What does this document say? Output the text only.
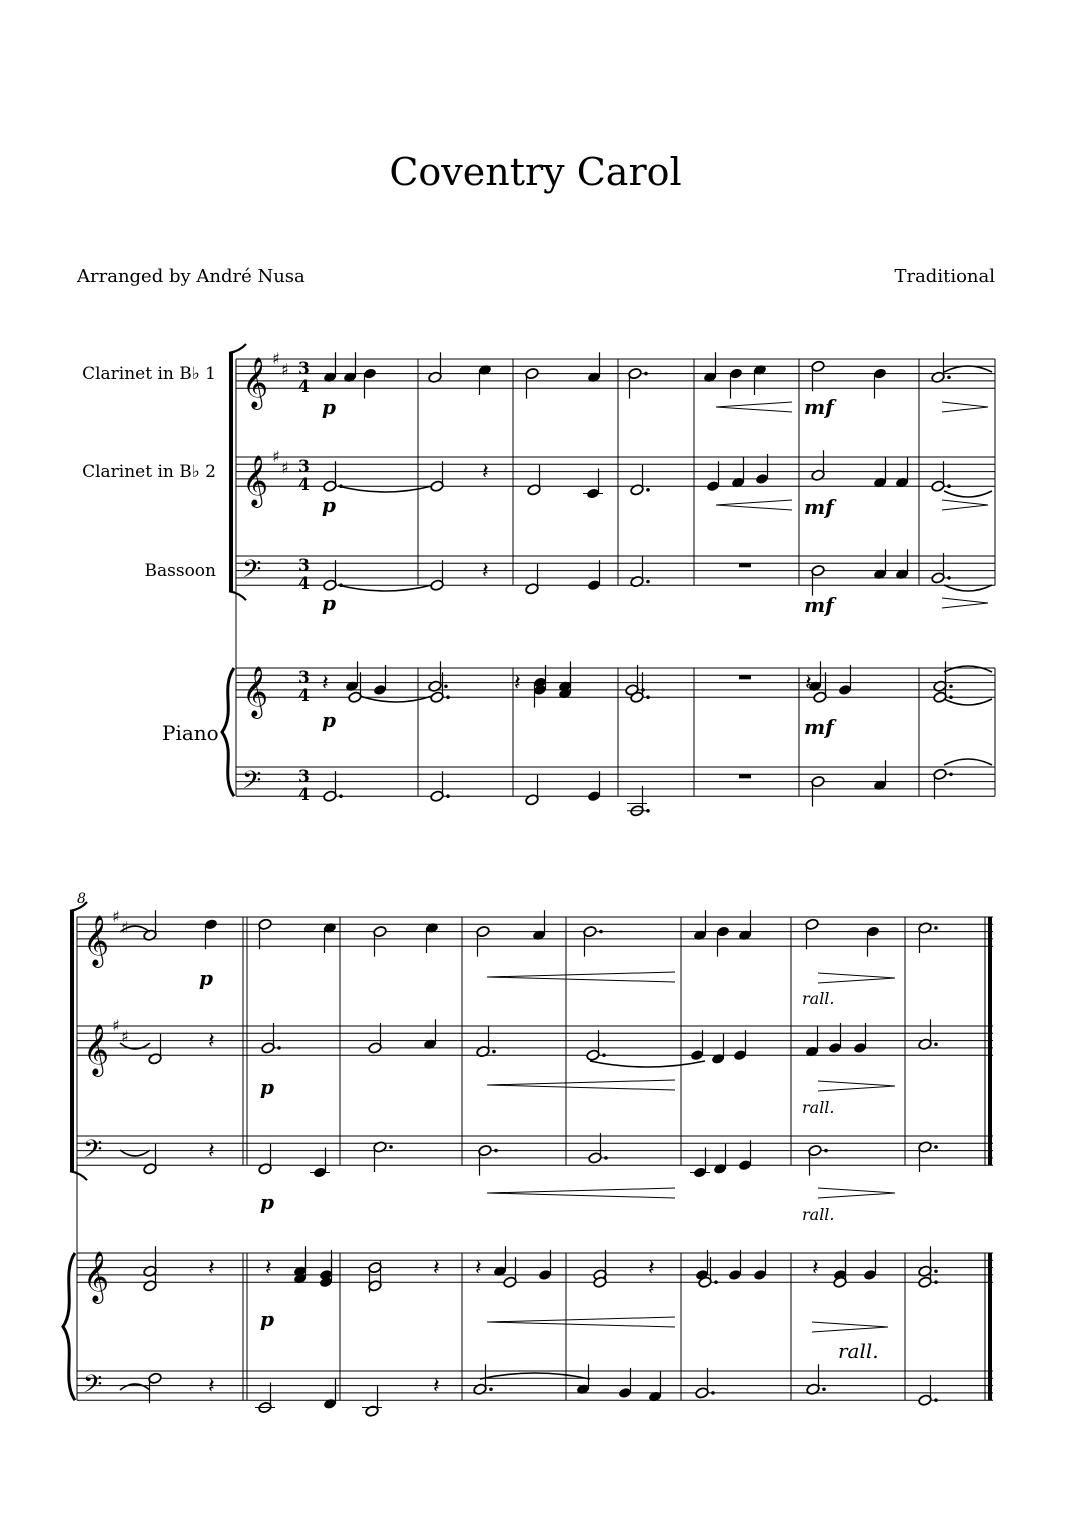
Coventry Carol
Arranged by André Nusa	Traditional
Clarinet in B♭ 1
Clarinet in B♭ 2
Bassoon
Piano
8
𝄞
𝄞
𝄢
𝄞
𝄢
𝄞
𝄞
𝄢
𝄞
𝄢
♯
♯
♯
♯
♯
♯
♯
♯
𝄽
𝄽
𝄽	𝄽	𝄽
𝄽
𝄽
𝄽 𝄽	𝄽 𝄽	𝄽	𝄽
𝄽	𝄽
3
4
3
4
3
4
3
4
3
4
p	mf
p	mf
p	mf
p	mf
p
p
p
p
rall.
rall.
rall.
rall.
